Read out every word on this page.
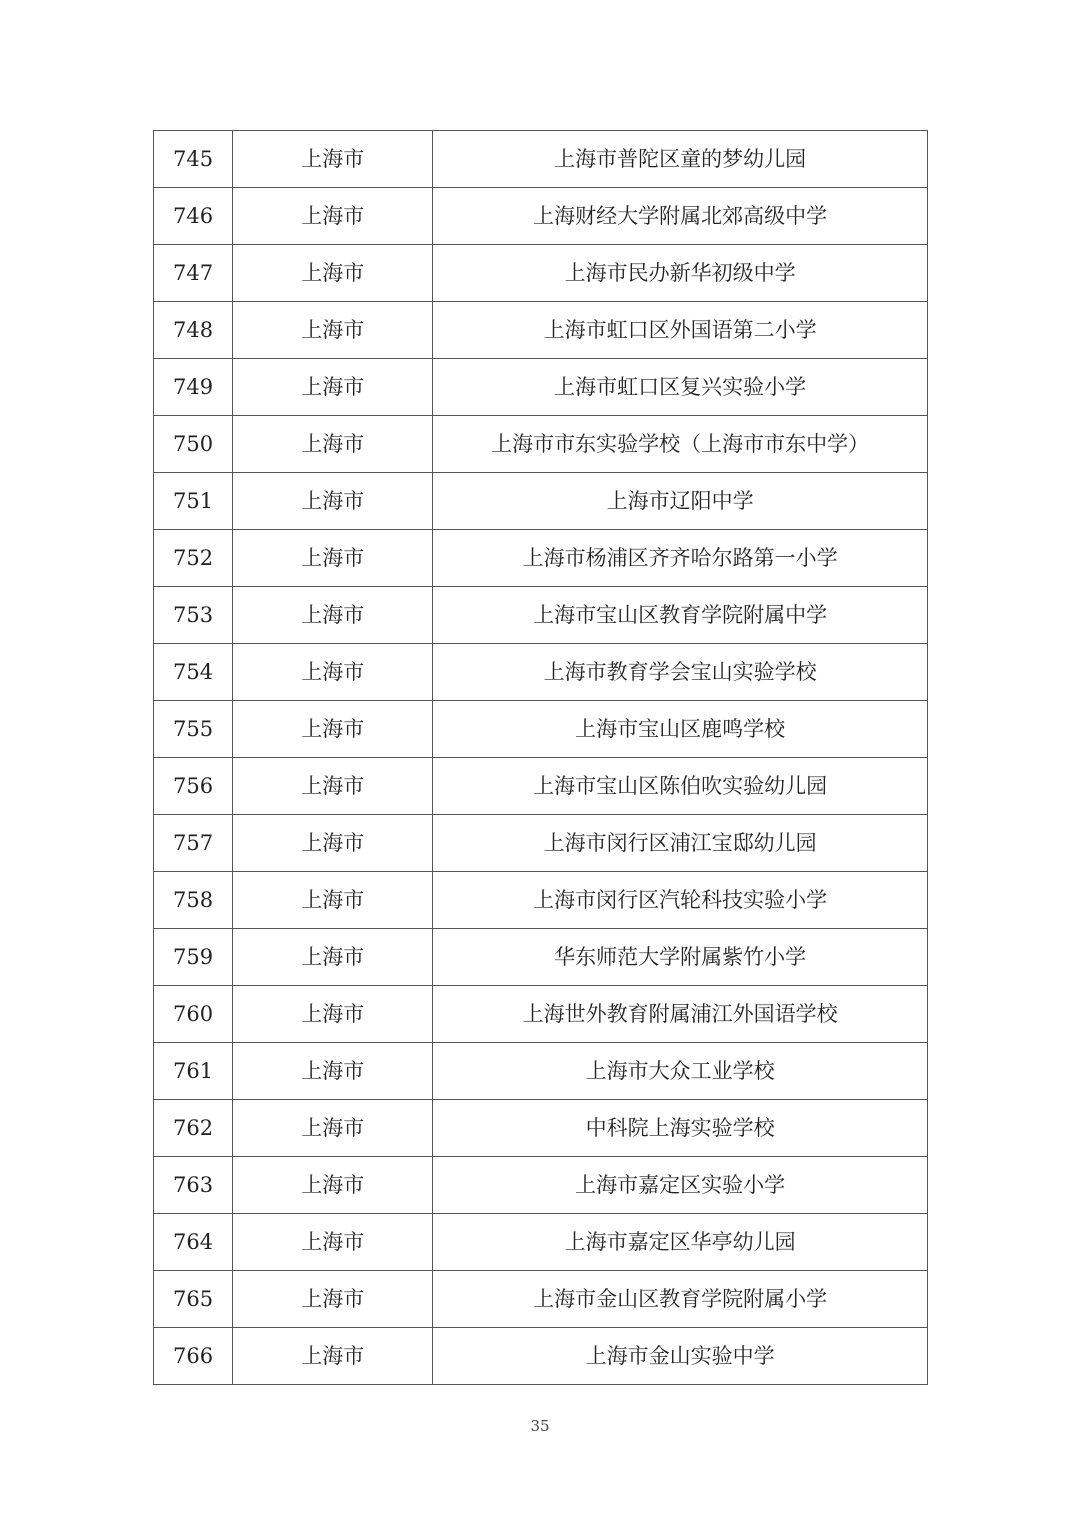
745	上海市	上海市普陀区童的梦幼儿园
746	上海市	上海财经大学附属北郊高级中学
747	上海市	上海市民办新华初级中学
748	上海市	上海市虹口区外国语第二小学
749	上海市	上海市虹口区复兴实验小学
750	上海市	上海市市东实验学校（上海市市东中学）
751	上海市	上海市辽阳中学
752	上海市	上海市杨浦区齐齐哈尔路第一小学
753	上海市	上海市宝山区教育学院附属中学
754	上海市	上海市教育学会宝山实验学校
755	上海市	上海市宝山区鹿鸣学校
756	上海市	上海市宝山区陈伯吹实验幼儿园
757	上海市	上海市闵行区浦江宝邸幼儿园
758	上海市	上海市闵行区汽轮科技实验小学
759	上海市	华东师范大学附属紫竹小学
760	上海市	上海世外教育附属浦江外国语学校
761	上海市	上海市大众工业学校
762	上海市	中科院上海实验学校
763	上海市	上海市嘉定区实验小学
764	上海市	上海市嘉定区华亭幼儿园
765	上海市	上海市金山区教育学院附属小学
766	上海市	上海市金山实验中学
35
